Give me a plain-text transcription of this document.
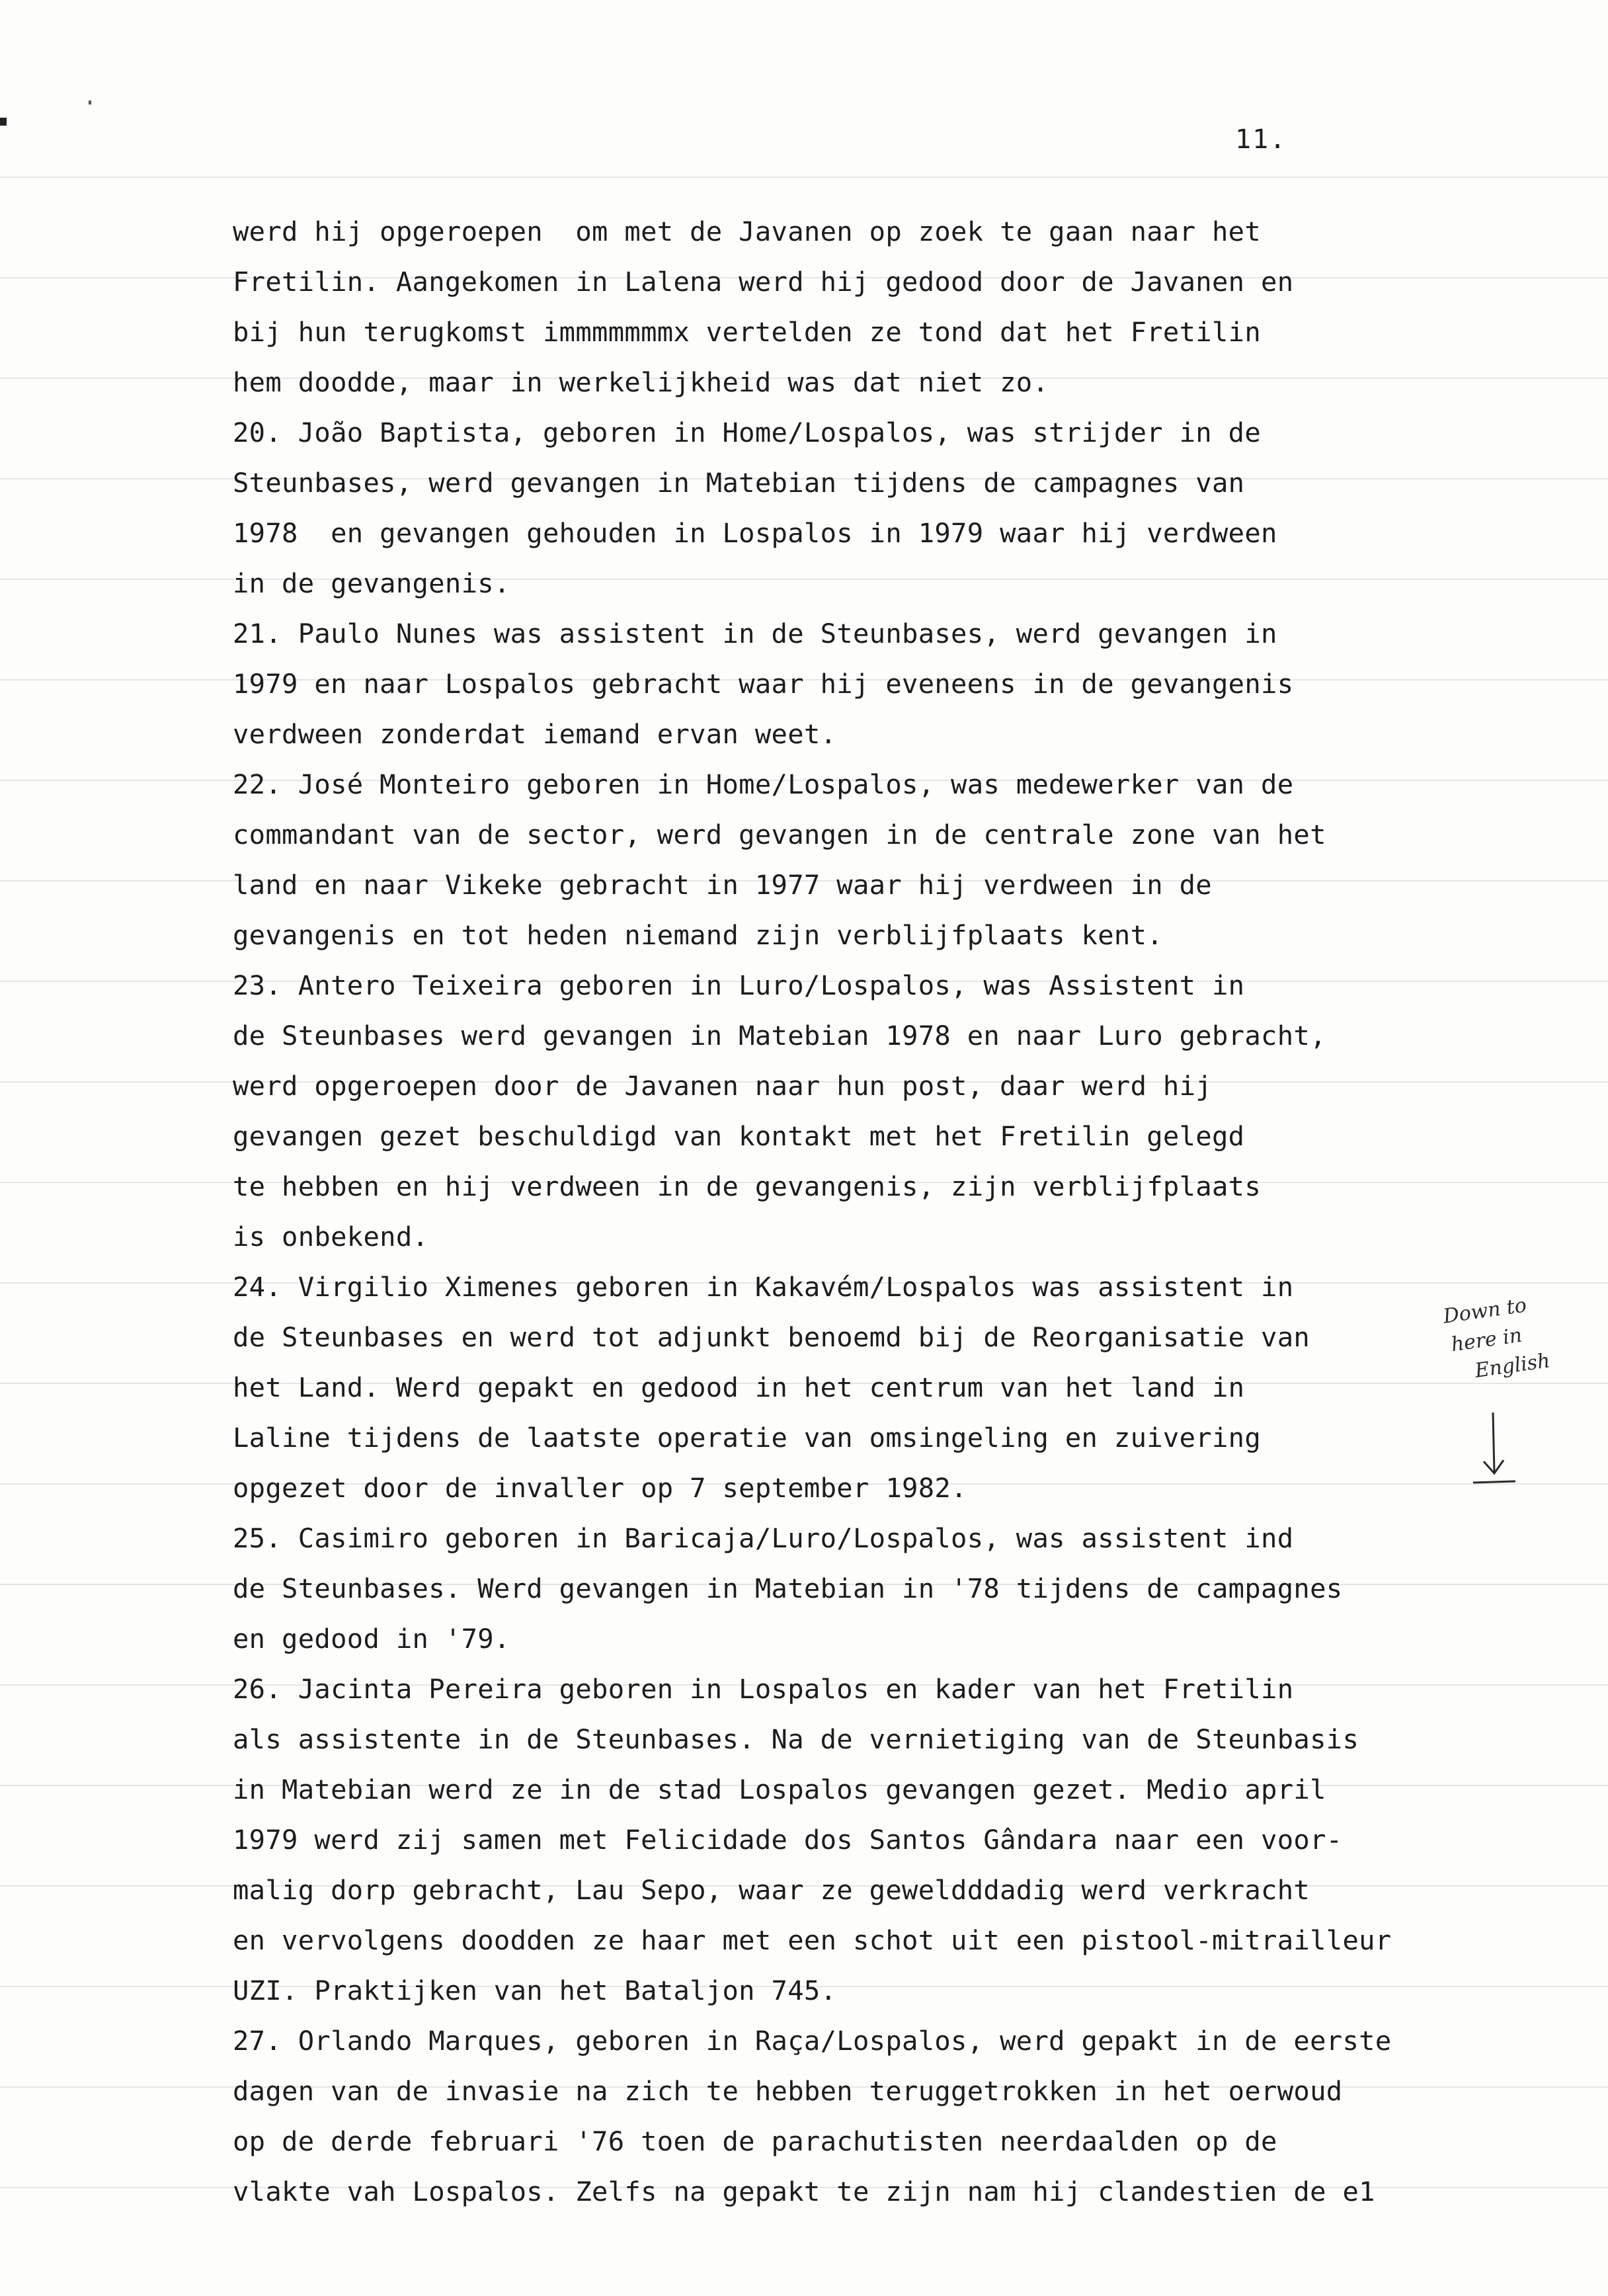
11.
werd hij opgeroepen  om met de Javanen op zoek te gaan naar het
Fretilin. Aangekomen in Lalena werd hij gedood door de Javanen en
bij hun terugkomst immmmmmmx vertelden ze tond dat het Fretilin
hem doodde, maar in werkelijkheid was dat niet zo.
20. João Baptista, geboren in Home/Lospalos, was strijder in de
Steunbases, werd gevangen in Matebian tijdens de campagnes van
1978  en gevangen gehouden in Lospalos in 1979 waar hij verdween
in de gevangenis.
21. Paulo Nunes was assistent in de Steunbases, werd gevangen in
1979 en naar Lospalos gebracht waar hij eveneens in de gevangenis
verdween zonderdat iemand ervan weet.
22. José Monteiro geboren in Home/Lospalos, was medewerker van de
commandant van de sector, werd gevangen in de centrale zone van het
land en naar Vikeke gebracht in 1977 waar hij verdween in de
gevangenis en tot heden niemand zijn verblijfplaats kent.
23. Antero Teixeira geboren in Luro/Lospalos, was Assistent in
de Steunbases werd gevangen in Matebian 1978 en naar Luro gebracht,
werd opgeroepen door de Javanen naar hun post, daar werd hij
gevangen gezet beschuldigd van kontakt met het Fretilin gelegd
te hebben en hij verdween in de gevangenis, zijn verblijfplaats
is onbekend.
24. Virgilio Ximenes geboren in Kakavém/Lospalos was assistent in
de Steunbases en werd tot adjunkt benoemd bij de Reorganisatie van
het Land. Werd gepakt en gedood in het centrum van het land in
Laline tijdens de laatste operatie van omsingeling en zuivering
opgezet door de invaller op 7 september 1982.
25. Casimiro geboren in Baricaja/Luro/Lospalos, was assistent ind
de Steunbases. Werd gevangen in Matebian in '78 tijdens de campagnes
en gedood in '79.
26. Jacinta Pereira geboren in Lospalos en kader van het Fretilin
als assistente in de Steunbases. Na de vernietiging van de Steunbasis
in Matebian werd ze in de stad Lospalos gevangen gezet. Medio april
1979 werd zij samen met Felicidade dos Santos Gândara naar een voor-
malig dorp gebracht, Lau Sepo, waar ze geweldddadig werd verkracht
en vervolgens doodden ze haar met een schot uit een pistool-mitrailleur
UZI. Praktijken van het Bataljon 745.
27. Orlando Marques, geboren in Raça/Lospalos, werd gepakt in de eerste
dagen van de invasie na zich te hebben teruggetrokken in het oerwoud
op de derde februari '76 toen de parachutisten neerdaalden op de
vlakte vah Lospalos. Zelfs na gepakt te zijn nam hij clandestien de e1
Down to
here in
English
